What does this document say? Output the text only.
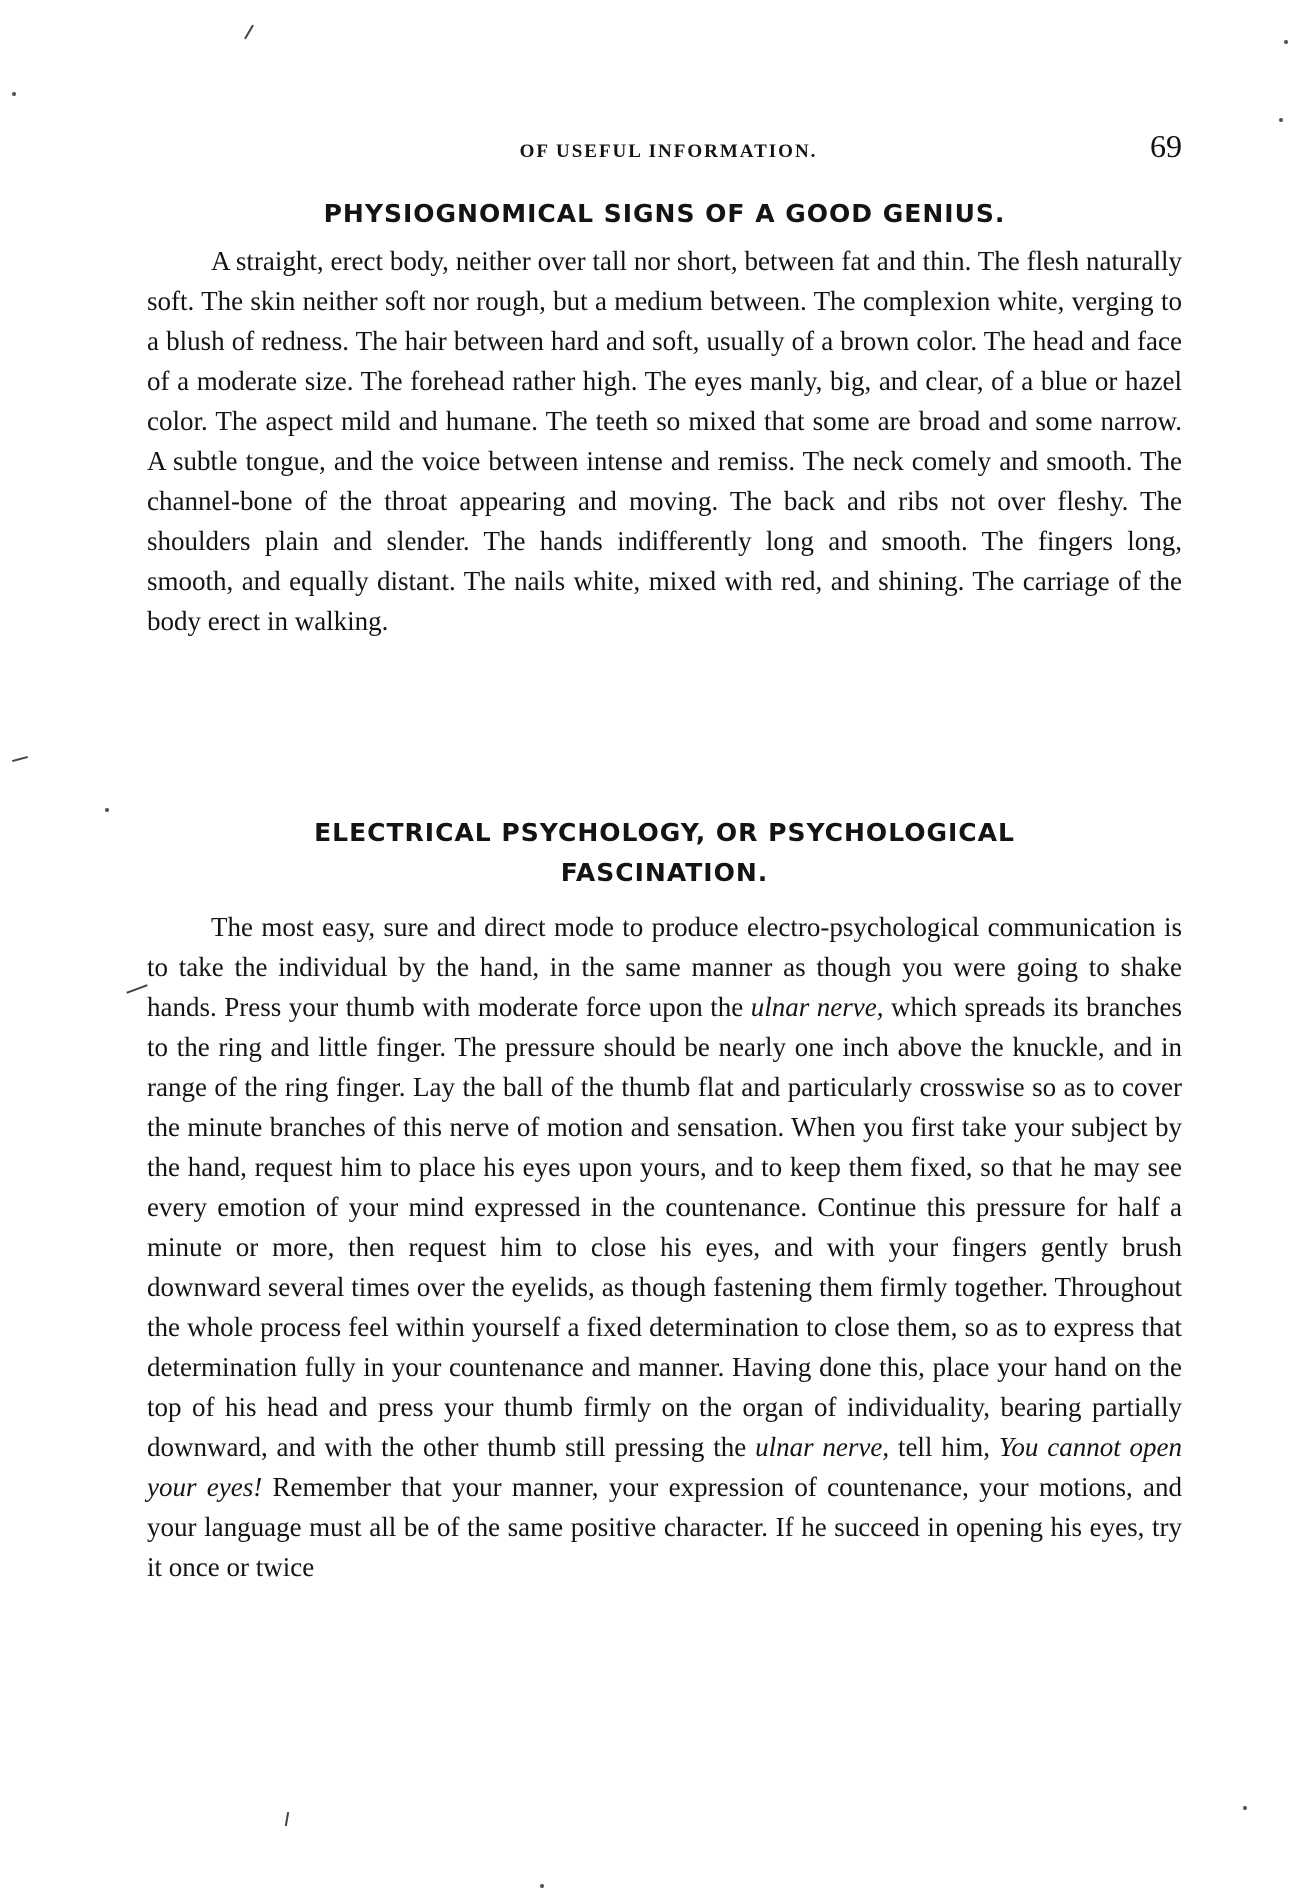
OF USEFUL INFORMATION.	69
PHYSIOGNOMICAL SIGNS OF A GOOD GENIUS.

A straight, erect body, neither over tall nor short, between fat and thin. The flesh naturally soft. The skin neither soft nor rough, but a medium between. The complexion white, verging to a blush of redness. The hair between hard and soft, usually of a brown color. The head and face of a moderate size. The forehead rather high. The eyes manly, big, and clear, of a blue or hazel color. The aspect mild and humane. The teeth so mixed that some are broad and some narrow. A subtle tongue, and the voice between intense and remiss. The neck comely and smooth. The channel-bone of the throat appearing and moving. The back and ribs not over fleshy. The shoulders plain and slender. The hands indifferently long and smooth. The fingers long, smooth, and equally distant. The nails white, mixed with red, and shining. The carriage of the body erect in walking.

ELECTRICAL PSYCHOLOGY, OR PSYCHOLOGICAL
FASCINATION.

The most easy, sure and direct mode to produce electro-psychological communication is to take the individual by the hand, in the same manner as though you were going to shake hands. Press your thumb with moderate force upon the ulnar nerve, which spreads its branches to the ring and little finger. The pressure should be nearly one inch above the knuckle, and in range of the ring finger. Lay the ball of the thumb flat and particularly crosswise so as to cover the minute branches of this nerve of motion and sensation. When you first take your subject by the hand, request him to place his eyes upon yours, and to keep them fixed, so that he may see every emotion of your mind expressed in the countenance. Continue this pressure for half a minute or more, then request him to close his eyes, and with your fingers gently brush downward several times over the eyelids, as though fastening them firmly together. Throughout the whole process feel within yourself a fixed determination to close them, so as to express that determination fully in your countenance and manner. Having done this, place your hand on the top of his head and press your thumb firmly on the organ of individuality, bearing partially downward, and with the other thumb still pressing the ulnar nerve, tell him, You cannot open your eyes! Remember that your manner, your expression of countenance, your motions, and your language must all be of the same positive character. If he succeed in opening his eyes, try it once or twice
